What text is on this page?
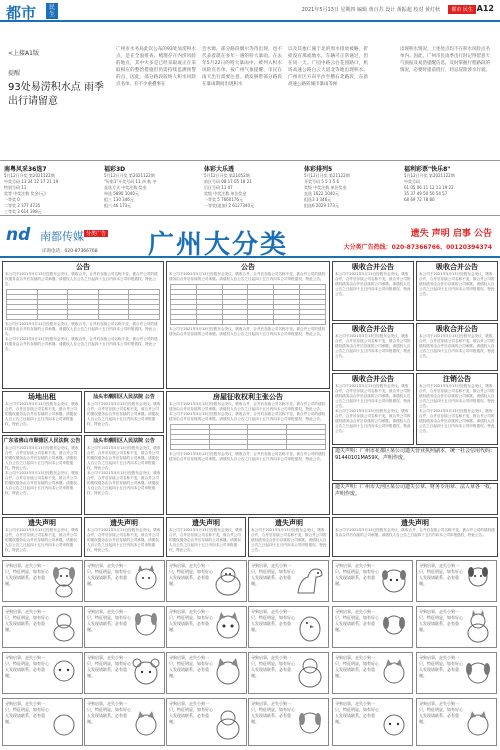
都市	民生
2021年5月13日 星期四 编辑 黄百苏 设计 黄振超 校对 黄灯秋	都市 民生 A12
<上接A1版
提醒
93处易涝积水点 雨季出行请留意
广州市水务局此次公布的93处易涝积水点，是在全面排查、梳理存在内涝风险的地点，其中大多是已经采取或正在采取相应的整治措施但仍需持续监测预警的点，因此，部分路段较终人积水风险点名单。有不少重叠事在
会水源，部分路段偶尔等待出现，也不代表着就在多年一遇的特大暴雨。在去年5月22日的特大暴雨中，被列入积水风险点名单。按广州气象提醒，市民在雨天出行需要注意。新发脐带部分路段在暴雨期间出现积水
以及其他仁蜃于北的周水排放被略，折损没有那或地水，车辆可正常通过，但在同一天。广园中路云台花园路口，机场高速公路白云大道北等地出现积水。广州市区方向平沙至横石北路段，东新高速公路转城市暴雨等候
出现积水情况，上述处点均不在积水风险点名单内。因此，广州市民雨季出行时记得留意天气预报及易涝提醒信息，及时掌握行程路段的情况，必要时提前绕行，切忌冒险涉水行驶。
南粤风采36选7
5月12日开奖 第2021122期
中奖号码 13 34 12 17 21 19
特别号码 11
奖等 中奖注数 奖金(元)
一等奖 0
二等奖 2 377 4735
三等奖 3 614 398元
福彩3D
5月12日开奖 第2021122期
"好彩1"开奖号码 11 四 秋 冬
直选方式 中奖注数 奖金
单选 5890 1040元
组三 130 346元
组六 46 173元
体彩大乐透
5月12日开奖 第21052期
前区号码 08 17 05 18 21
后区号码 11 07
奖级 中奖注数 单注奖金
一等奖 5 7660176元
一等奖(追加) 2 6127340元
体彩排列5
5月12日开奖 第21122期
开奖号码 5 5 3 5 6
奖级 中奖注数 单注奖金
直选 1622 1040元
组选3 3 346元
组选6 2029 173元
福利彩票"快乐8"
5月12日开奖 第2021122期
中奖号码
01 05 06 11 12 13 19 22
35 37 49 50 50 54 57
68 69 72 78 80
nd 南都传媒 分类广告
详询电话：020-87366768 广州大分类	遗失 声明 启事 公告
大分类广告热线：020-87366766、00120394374
公告
本公司于2021年5月13日经股东会决议，吸收合并，合并后存续公司名称不变，被合并公司的债权债务由合并后存续的公司承继。请债权人自公告之日起四十五日内向本公司申报债权，特此公告。

本公司于2021年5月13日经股东会决议，吸收合并，合并后存续公司名称不变，被合并公司的债权债务由合并后存续的公司承继。请债权人自公告之日起四十五日内向本公司申报债权，特此公告。
本公司于2021年5月13日经股东会决议，吸收合并，合并后存续公司名称不变，被合并公司的债权债务由合并后存续的公司承继。请债权人自公告之日起四十五日内向本公司申报债权，特此公告。
场地出租
本公司于2021年5月13日经股东会决议，吸收合并，合并后存续公司名称不变，被合并公司的债权债务由合并后存续的公司承继。请债权人自公告之日起四十五日内向本公司申报债权，特此公告。
汕头市潮阳区人民法院 公告
本公司于2021年5月13日经股东会决议，吸收合并，合并后存续公司名称不变，被合并公司的债权债务由合并后存续的公司承继。请债权人自公告之日起四十五日内向本公司申报债权，特此公告。
广东省佛山市顺德区人民法院 公告
本公司于2021年5月13日经股东会决议，吸收合并，合并后存续公司名称不变，被合并公司的债权债务由合并后存续的公司承继。请债权人自公告之日起四十五日内向本公司申报债权，特此公告。
本公司于2021年5月13日经股东会决议，吸收合并，合并后存续公司名称不变，被合并公司的债权债务由合并后存续的公司承继。请债权人自公告之日起四十五日内向本公司申报债权，特此公告。
汕头市潮阳区人民法院 公告
本公司于2021年5月13日经股东会决议，吸收合并，合并后存续公司名称不变，被合并公司的债权债务由合并后存续的公司承继。请债权人自公告之日起四十五日内向本公司申报债权，特此公告。
本公司于2021年5月13日经股东会决议，吸收合并，合并后存续公司名称不变，被合并公司的债权债务由合并后存续的公司承继。请债权人自公告之日起四十五日内向本公司申报债权，特此公告。
遗失声明
本公司于2021年5月13日经股东会决议，吸收合并，合并后存续公司名称不变，被合并公司的债权债务由合并后存续的公司承继。请债权人自公告之日起四十五日内向本公司申报债权，特此公告。
遗失声明
本公司于2021年5月13日经股东会决议，吸收合并，合并后存续公司名称不变，被合并公司的债权债务由合并后存续的公司承继。请债权人自公告之日起四十五日内向本公司申报债权，特此公告。
公告
本公司于2021年5月13日经股东会决议，吸收合并，合并后存续公司名称不变，被合并公司的债权债务由合并后存续的公司承继。请债权人自公告之日起四十五日内向本公司申报债权，特此公告。

本公司于2021年5月13日经股东会决议，吸收合并，合并后存续公司名称不变，被合并公司的债权债务由合并后存续的公司承继。请债权人自公告之日起四十五日内向本公司申报债权，特此公告。
房屋征收权利主张公告
本公司于2021年5月13日经股东会决议，吸收合并，合并后存续公司名称不变，被合并公司的债权债务由合并后存续的公司承继。请债权人自公告之日起四十五日内向本公司申报债权，特此公告。
本公司于2021年5月13日经股东会决议，吸收合并，合并后存续公司名称不变，被合并公司的债权债务由合并后存续的公司承继。请债权人自公告之日起四十五日内向本公司申报债权，特此公告。

本公司于2021年5月13日经股东会决议，吸收合并，合并后存续公司名称不变，被合并公司的债权债务由合并后存续的公司承继。请债权人自公告之日起四十五日内向本公司申报债权，特此公告。
遗失声明
本公司于2021年5月13日经股东会决议，吸收合并，合并后存续公司名称不变，被合并公司的债权债务由合并后存续的公司承继。请债权人自公告之日起四十五日内向本公司申报债权，特此公告。
遗失声明
本公司于2021年5月13日经股东会决议，吸收合并，合并后存续公司名称不变，被合并公司的债权债务由合并后存续的公司承继。请债权人自公告之日起四十五日内向本公司申报债权，特此公告。
吸收合并公告
本公司于2021年5月13日经股东会决议，吸收合并，合并后存续公司名称不变，被合并公司的债权债务由合并后存续的公司承继。请债权人自公告之日起四十五日内向本公司申报债权，特此公告。
吸收合并公告
本公司于2021年5月13日经股东会决议，吸收合并，合并后存续公司名称不变，被合并公司的债权债务由合并后存续的公司承继。请债权人自公告之日起四十五日内向本公司申报债权，特此公告。
吸收合并公告
本公司于2021年5月13日经股东会决议，吸收合并，合并后存续公司名称不变，被合并公司的债权债务由合并后存续的公司承继。请债权人自公告之日起四十五日内向本公司申报债权，特此公告。
吸收合并公告
本公司于2021年5月13日经股东会决议，吸收合并，合并后存续公司名称不变，被合并公司的债权债务由合并后存续的公司承继。请债权人自公告之日起四十五日内向本公司申报债权，特此公告。
吸收合并公告
本公司于2021年5月13日经股东会决议，吸收合并，合并后存续公司名称不变，被合并公司的债权债务由合并后存续的公司承继。请债权人自公告之日起四十五日内向本公司申报债权，特此公告。
本公司于2021年5月13日经股东会决议，吸收合并，合并后存续公司名称不变，被合并公司的债权债务由合并后存续的公司承继。请债权人自公告之日起四十五日内向本公司申报债权，特此公告。
注销公告
本公司于2021年5月13日经股东会决议，吸收合并，合并后存续公司名称不变，被合并公司的债权债务由合并后存续的公司承继。请债权人自公告之日起四十五日内向本公司申报债权，特此公告。
本公司于2021年5月13日经股东会决议，吸收合并，合并后存续公司名称不变，被合并公司的债权债务由合并后存续的公司承继。请债权人自公告之日起四十五日内向本公司申报债权，特此公告。
遗失声明：广州市花都区某公司遗失营业执照副本，统一社会信用代码：91440101MA59X，声明作废。
遗失声明：广州市天河区某公司遗失公章、财务专用章、法人章各一枚，声明作废。
遗失声明
本公司于2021年5月13日经股东会决议，吸收合并，合并后存续公司名称不变，被合并公司的债权债务由合并后存续的公司承继。请债权人自公告之日起四十五日内向本公司申报债权，特此公告。
寻狗启事，走失小狗一只，特征明显，如有好心人发现请联系，必有重谢。
寻狗启事，走失小狗一只，特征明显，如有好心人发现请联系，必有重谢。
寻狗启事，走失小狗一只，特征明显，如有好心人发现请联系，必有重谢。
寻狗启事，走失小狗一只，特征明显，如有好心人发现请联系，必有重谢。
寻狗启事，走失小狗一只，特征明显，如有好心人发现请联系，必有重谢。
寻狗启事，走失小狗一只，特征明显，如有好心人发现请联系，必有重谢。
寻狗启事，走失小狗一只，特征明显，如有好心人发现请联系，必有重谢。
寻狗启事，走失小狗一只，特征明显，如有好心人发现请联系，必有重谢。
寻狗启事，走失小狗一只，特征明显，如有好心人发现请联系，必有重谢。
寻狗启事，走失小狗一只，特征明显，如有好心人发现请联系，必有重谢。
寻狗启事，走失小狗一只，特征明显，如有好心人发现请联系，必有重谢。
寻狗启事，走失小狗一只，特征明显，如有好心人发现请联系，必有重谢。
寻狗启事，走失小狗一只，特征明显，如有好心人发现请联系，必有重谢。
寻狗启事，走失小狗一只，特征明显，如有好心人发现请联系，必有重谢。
寻狗启事，走失小狗一只，特征明显，如有好心人发现请联系，必有重谢。
寻狗启事，走失小狗一只，特征明显，如有好心人发现请联系，必有重谢。
寻狗启事，走失小狗一只，特征明显，如有好心人发现请联系，必有重谢。
寻狗启事，走失小狗一只，特征明显，如有好心人发现请联系，必有重谢。
寻狗启事，走失小狗一只，特征明显，如有好心人发现请联系，必有重谢。
寻狗启事，走失小狗一只，特征明显，如有好心人发现请联系，必有重谢。
寻狗启事，走失小狗一只，特征明显，如有好心人发现请联系，必有重谢。
寻狗启事，走失小狗一只，特征明显，如有好心人发现请联系，必有重谢。
寻狗启事，走失小狗一只，特征明显，如有好心人发现请联系，必有重谢。
寻狗启事，走失小狗一只，特征明显，如有好心人发现请联系，必有重谢。
